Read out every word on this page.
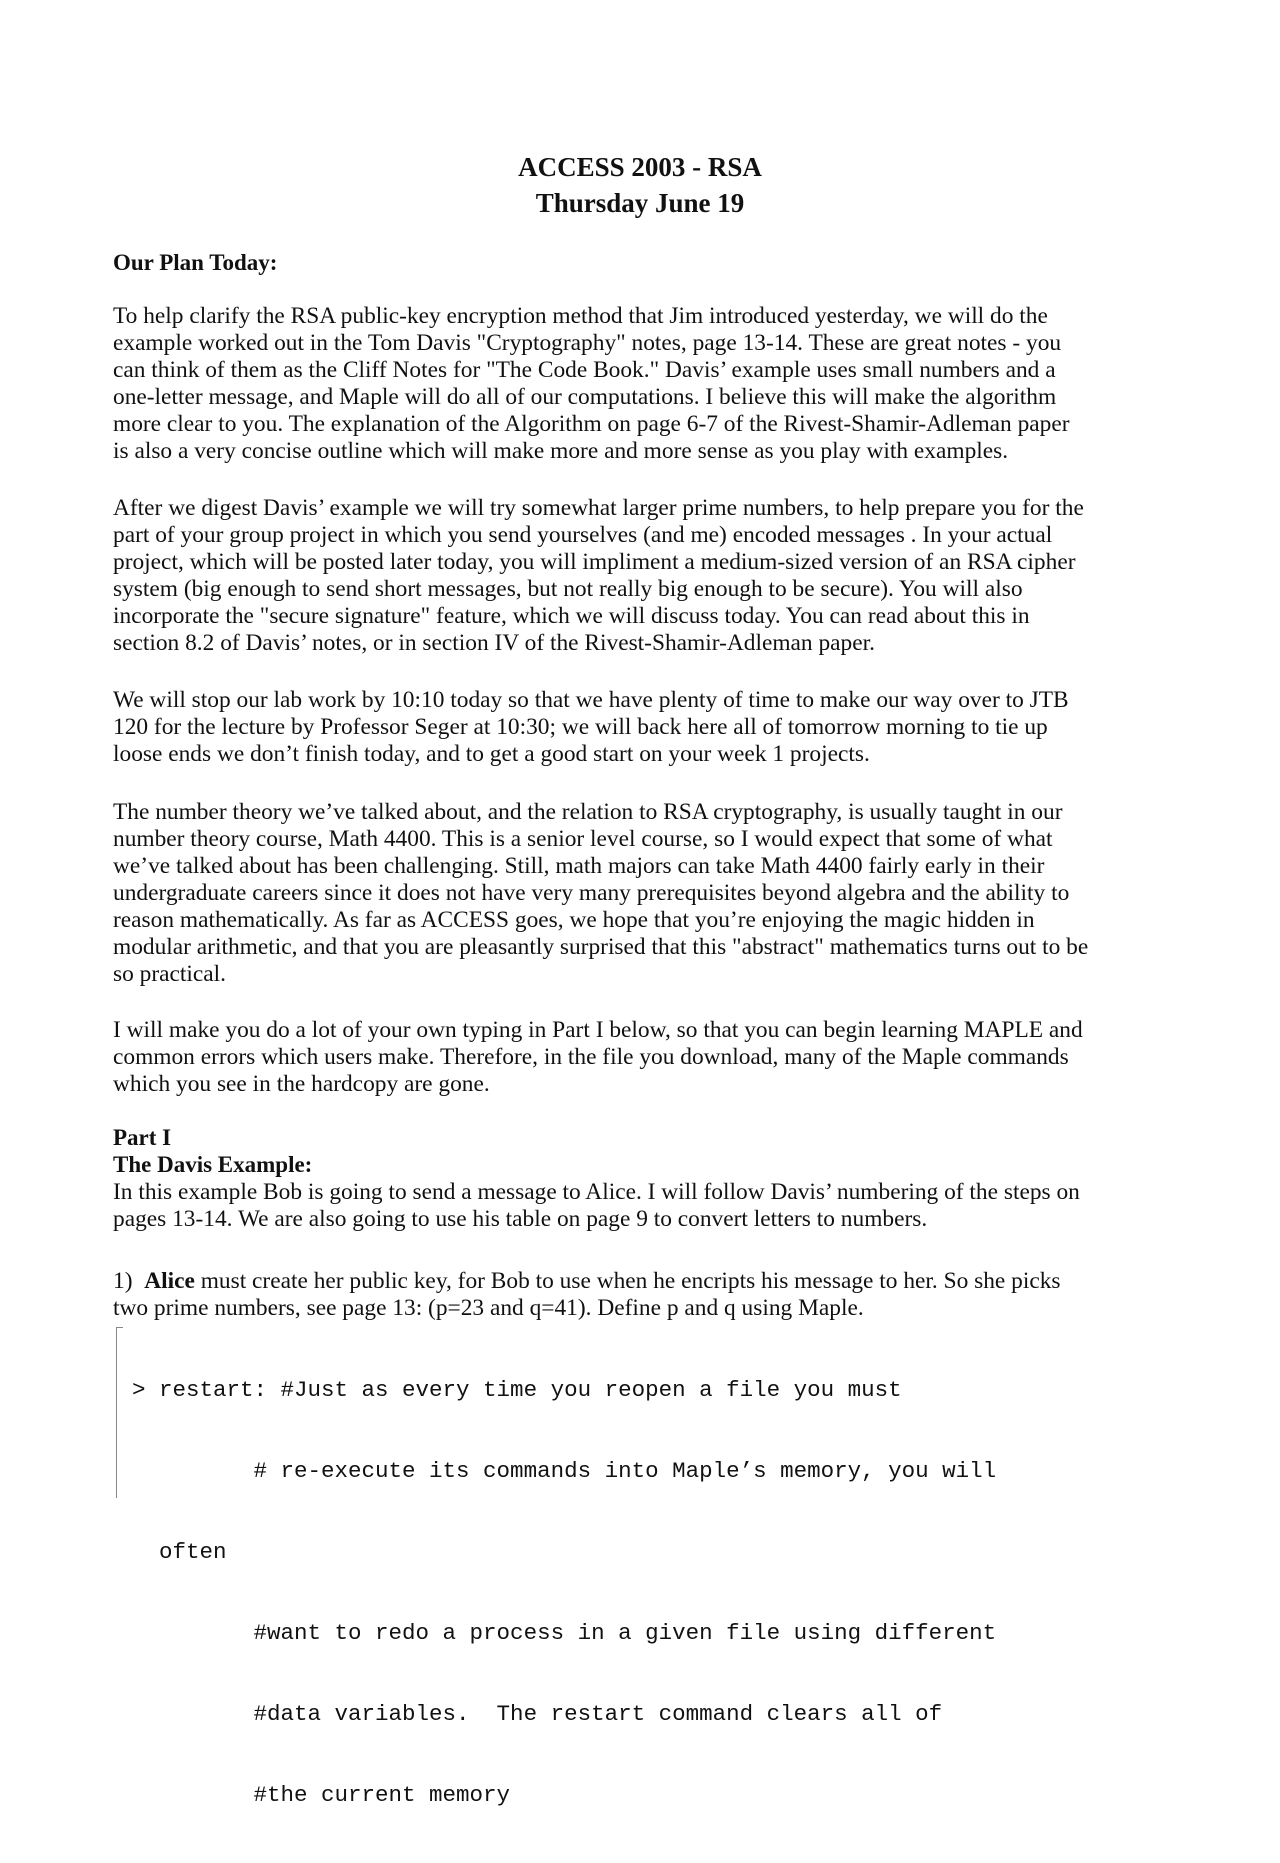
ACCESS 2003 - RSA
Thursday June 19
Our Plan Today:
To help clarify the RSA public-key encryption method that Jim introduced yesterday, we will do the
example worked out in the Tom Davis "Cryptography" notes, page 13-14. These are great notes - you
can think of them as the Cliff Notes for "The Code Book." Davis’ example uses small numbers and a
one-letter message, and Maple will do all of our computations. I believe this will make the algorithm
more clear to you. The explanation of the Algorithm on page 6-7 of the Rivest-Shamir-Adleman paper
is also a very concise outline which will make more and more sense as you play with examples.
After we digest Davis’ example we will try somewhat larger prime numbers, to help prepare you for the
part of your group project in which you send yourselves (and me) encoded messages . In your actual
project, which will be posted later today, you will impliment a medium-sized version of an RSA cipher
system (big enough to send short messages, but not really big enough to be secure). You will also
incorporate the "secure signature" feature, which we will discuss today. You can read about this in
section 8.2 of Davis’ notes, or in section IV of the Rivest-Shamir-Adleman paper.
We will stop our lab work by 10:10 today so that we have plenty of time to make our way over to JTB
120 for the lecture by Professor Seger at 10:30; we will back here all of tomorrow morning to tie up
loose ends we don’t finish today, and to get a good start on your week 1 projects.
The number theory we’ve talked about, and the relation to RSA cryptography, is usually taught in our
number theory course, Math 4400. This is a senior level course, so I would expect that some of what
we’ve talked about has been challenging. Still, math majors can take Math 4400 fairly early in their
undergraduate careers since it does not have very many prerequisites beyond algebra and the ability to
reason mathematically. As far as ACCESS goes, we hope that you’re enjoying the magic hidden in
modular arithmetic, and that you are pleasantly surprised that this "abstract" mathematics turns out to be
so practical.
I will make you do a lot of your own typing in Part I below, so that you can begin learning MAPLE and
common errors which users make. Therefore, in the file you download, many of the Maple commands
which you see in the hardcopy are gone.
Part I
The Davis Example:
In this example Bob is going to send a message to Alice. I will follow Davis’ numbering of the steps on
pages 13-14. We are also going to use his table on page 9 to convert letters to numbers.
1) Alice must create her public key, for Bob to use when he encripts his message to her. So she picks
two prime numbers, see page 13: (p=23 and q=41). Define p and q using Maple.

> restart: #Just as every time you reopen a file you must

# re-execute its commands into Maple’s memory, you will

often

#want to redo a process in a given file using different

#data variables.  The restart command clears all of

#the current memory
